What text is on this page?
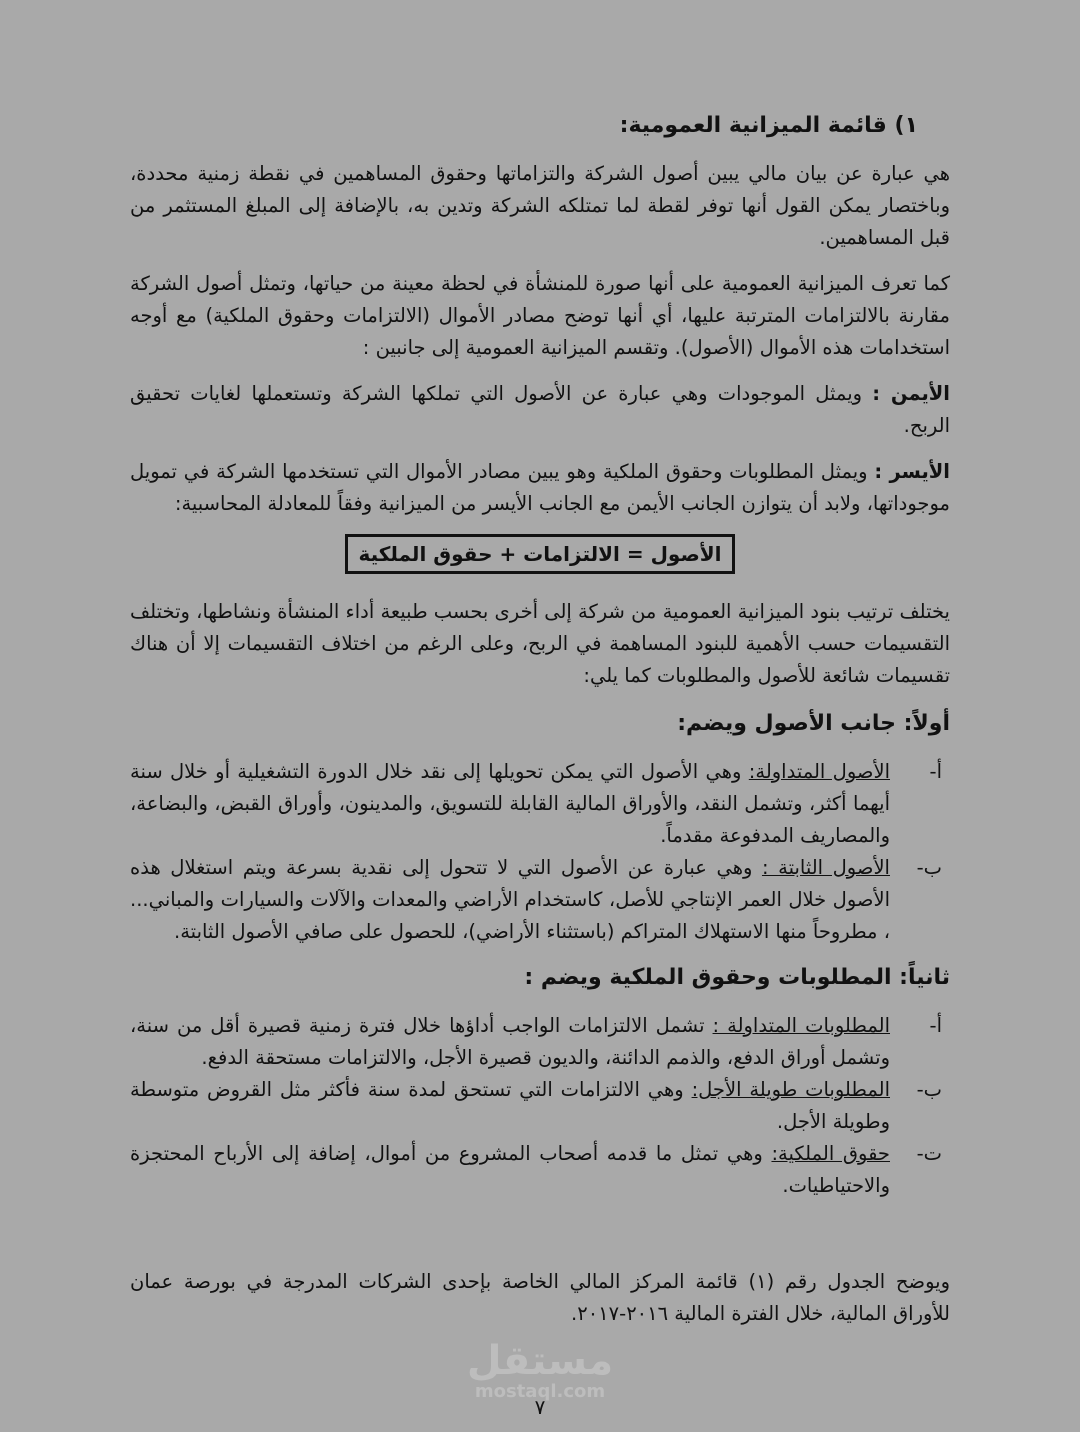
١) قائمة الميزانية العمومية:

هي عبارة عن بيان مالي يبين أصول الشركة والتزاماتها وحقوق المساهمين في نقطة زمنية محددة، وباختصار يمكن القول أنها توفر لقطة لما تمتلكه الشركة وتدين به، بالإضافة إلى المبلغ المستثمر من قبل المساهمين.

كما تعرف الميزانية العمومية على أنها صورة للمنشأة في لحظة معينة من حياتها، وتمثل أصول الشركة مقارنة بالالتزامات المترتبة عليها، أي أنها توضح مصادر الأموال (الالتزامات وحقوق الملكية) مع أوجه استخدامات هذه الأموال (الأصول). وتقسم الميزانية العمومية إلى جانبين :

الأيمن : ويمثل الموجودات وهي عبارة عن الأصول التي تملكها الشركة وتستعملها لغايات تحقيق الربح.

الأيسر : ويمثل المطلوبات وحقوق الملكية وهو يبين مصادر الأموال التي تستخدمها الشركة في تمويل موجوداتها، ولابد أن يتوازن الجانب الأيمن مع الجانب الأيسر من الميزانية وفقاً للمعادلة المحاسبية:

الأصول = الالتزامات + حقوق الملكية

يختلف ترتيب بنود الميزانية العمومية من شركة إلى أخرى بحسب طبيعة أداء المنشأة ونشاطها، وتختلف التقسيمات حسب الأهمية للبنود المساهمة في الربح، وعلى الرغم من اختلاف التقسيمات إلا أن هناك تقسيمات شائعة للأصول والمطلوبات كما يلي:

أولاً: جانب الأصول ويضم:
أ-
الأصول المتداولة: وهي الأصول التي يمكن تحويلها إلى نقد خلال الدورة التشغيلية أو خلال سنة أيهما أكثر، وتشمل النقد، والأوراق المالية القابلة للتسويق، والمدينون، وأوراق القبض، والبضاعة، والمصاريف المدفوعة مقدماً.
ب-
الأصول الثابتة : وهي عبارة عن الأصول التي لا تتحول إلى نقدية بسرعة ويتم استغلال هذه الأصول خلال العمر الإنتاجي للأصل، كاستخدام الأراضي والمعدات والآلات والسيارات والمباني... ، مطروحاً منها الاستهلاك المتراكم (باستثناء الأراضي)، للحصول على صافي الأصول الثابتة.
ثانياً: المطلوبات وحقوق الملكية ويضم :
أ-
المطلوبات المتداولة : تشمل الالتزامات الواجب أداؤها خلال فترة زمنية قصيرة أقل من سنة، وتشمل أوراق الدفع، والذمم الدائنة، والديون قصيرة الأجل، والالتزامات مستحقة الدفع.
ب-
المطلوبات طويلة الأجل: وهي الالتزامات التي تستحق لمدة سنة فأكثر مثل القروض متوسطة وطويلة الأجل.
ت-
حقوق الملكية: وهي تمثل ما قدمه أصحاب المشروع من أموال، إضافة إلى الأرباح المحتجزة والاحتياطيات.

ويوضح الجدول رقم (١) قائمة المركز المالي الخاصة بإحدى الشركات المدرجة في بورصة عمان للأوراق المالية، خلال الفترة المالية ٢٠١٦-٢٠١٧.

مستقل
mostaql.com
٧
